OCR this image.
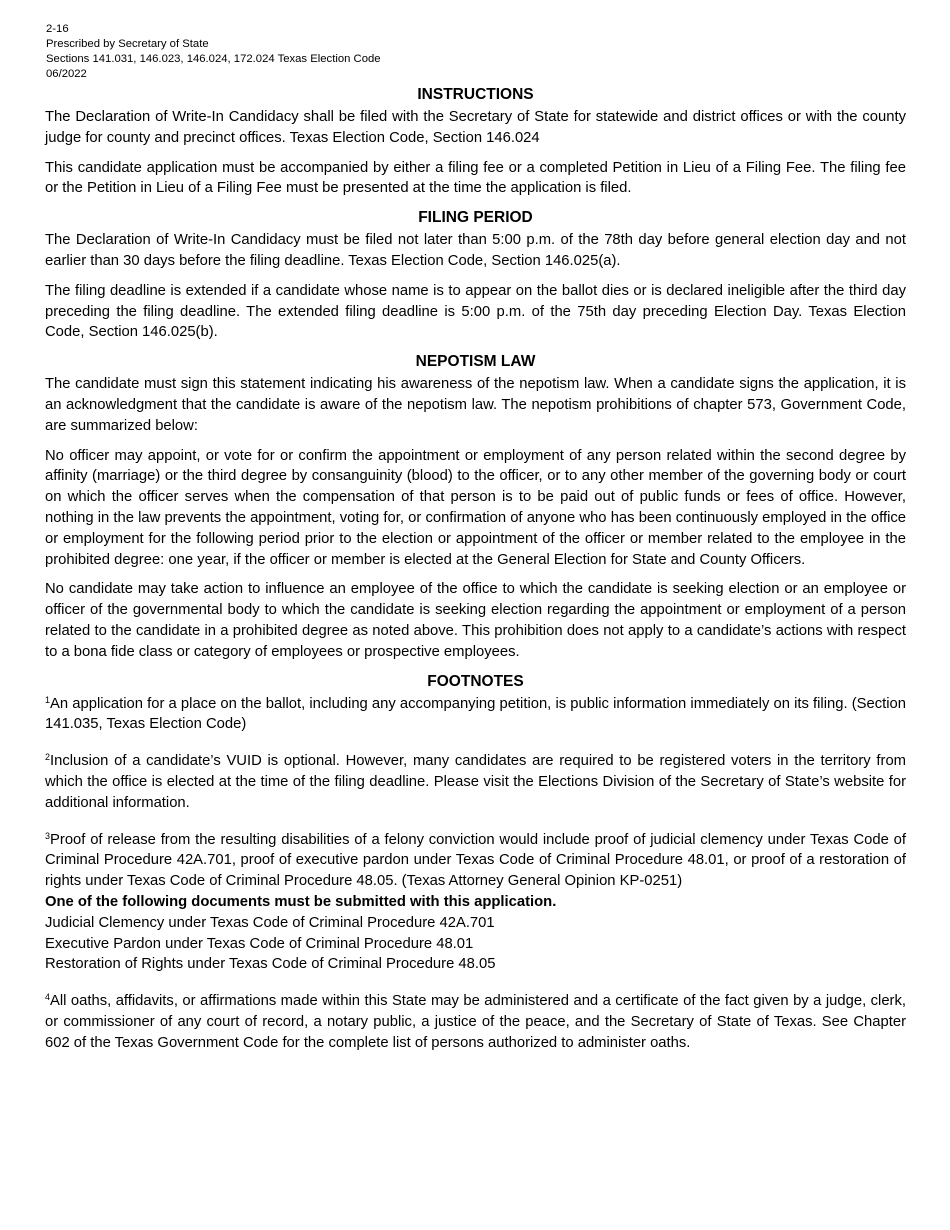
2-16
Prescribed by Secretary of State
Sections 141.031, 146.023, 146.024, 172.024 Texas Election Code
06/2022
INSTRUCTIONS

The Declaration of Write-In Candidacy shall be filed with the Secretary of State for statewide and district offices or with the county judge for county and precinct offices. Texas Election Code, Section 146.024

This candidate application must be accompanied by either a filing fee or a completed Petition in Lieu of a Filing Fee. The filing fee or the Petition in Lieu of a Filing Fee must be presented at the time the application is filed.

FILING PERIOD

The Declaration of Write-In Candidacy must be filed not later than 5:00 p.m. of the 78th day before general election day and not earlier than 30 days before the filing deadline. Texas Election Code, Section 146.025(a).

The filing deadline is extended if a candidate whose name is to appear on the ballot dies or is declared ineligible after the third day preceding the filing deadline. The extended filing deadline is 5:00 p.m. of the 75th day preceding Election Day. Texas Election Code, Section 146.025(b).

NEPOTISM LAW

The candidate must sign this statement indicating his awareness of the nepotism law. When a candidate signs the application, it is an acknowledgment that the candidate is aware of the nepotism law. The nepotism prohibitions of chapter 573, Government Code, are summarized below:

No officer may appoint, or vote for or confirm the appointment or employment of any person related within the second degree by affinity (marriage) or the third degree by consanguinity (blood) to the officer, or to any other member of the governing body or court on which the officer serves when the compensation of that person is to be paid out of public funds or fees of office. However, nothing in the law prevents the appointment, voting for, or confirmation of anyone who has been continuously employed in the office or employment for the following period prior to the election or appointment of the officer or member related to the employee in the prohibited degree: one year, if the officer or member is elected at the General Election for State and County Officers.

No candidate may take action to influence an employee of the office to which the candidate is seeking election or an employee or officer of the governmental body to which the candidate is seeking election regarding the appointment or employment of a person related to the candidate in a prohibited degree as noted above. This prohibition does not apply to a candidate’s actions with respect to a bona fide class or category of employees or prospective employees.

FOOTNOTES

$^1$An application for a place on the ballot, including any accompanying petition, is public information immediately on its filing. (Section 141.035, Texas Election Code)

$^2$Inclusion of a candidate’s VUID is optional. However, many candidates are required to be registered voters in the territory from which the office is elected at the time of the filing deadline. Please visit the Elections Division of the Secretary of State’s website for additional information.

$^3$Proof of release from the resulting disabilities of a felony conviction would include proof of judicial clemency under Texas Code of Criminal Procedure 42A.701, proof of executive pardon under Texas Code of Criminal Procedure 48.01, or proof of a restoration of rights under Texas Code of Criminal Procedure 48.05. (Texas Attorney General Opinion KP-0251)

One of the following documents must be submitted with this application.
Judicial Clemency under Texas Code of Criminal Procedure 42A.701
Executive Pardon under Texas Code of Criminal Procedure 48.01
Restoration of Rights under Texas Code of Criminal Procedure 48.05

$^4$All oaths, affidavits, or affirmations made within this State may be administered and a certificate of the fact given by a judge, clerk, or commissioner of any court of record, a notary public, a justice of the peace, and the Secretary of State of Texas. See Chapter 602 of the Texas Government Code for the complete list of persons authorized to administer oaths.
